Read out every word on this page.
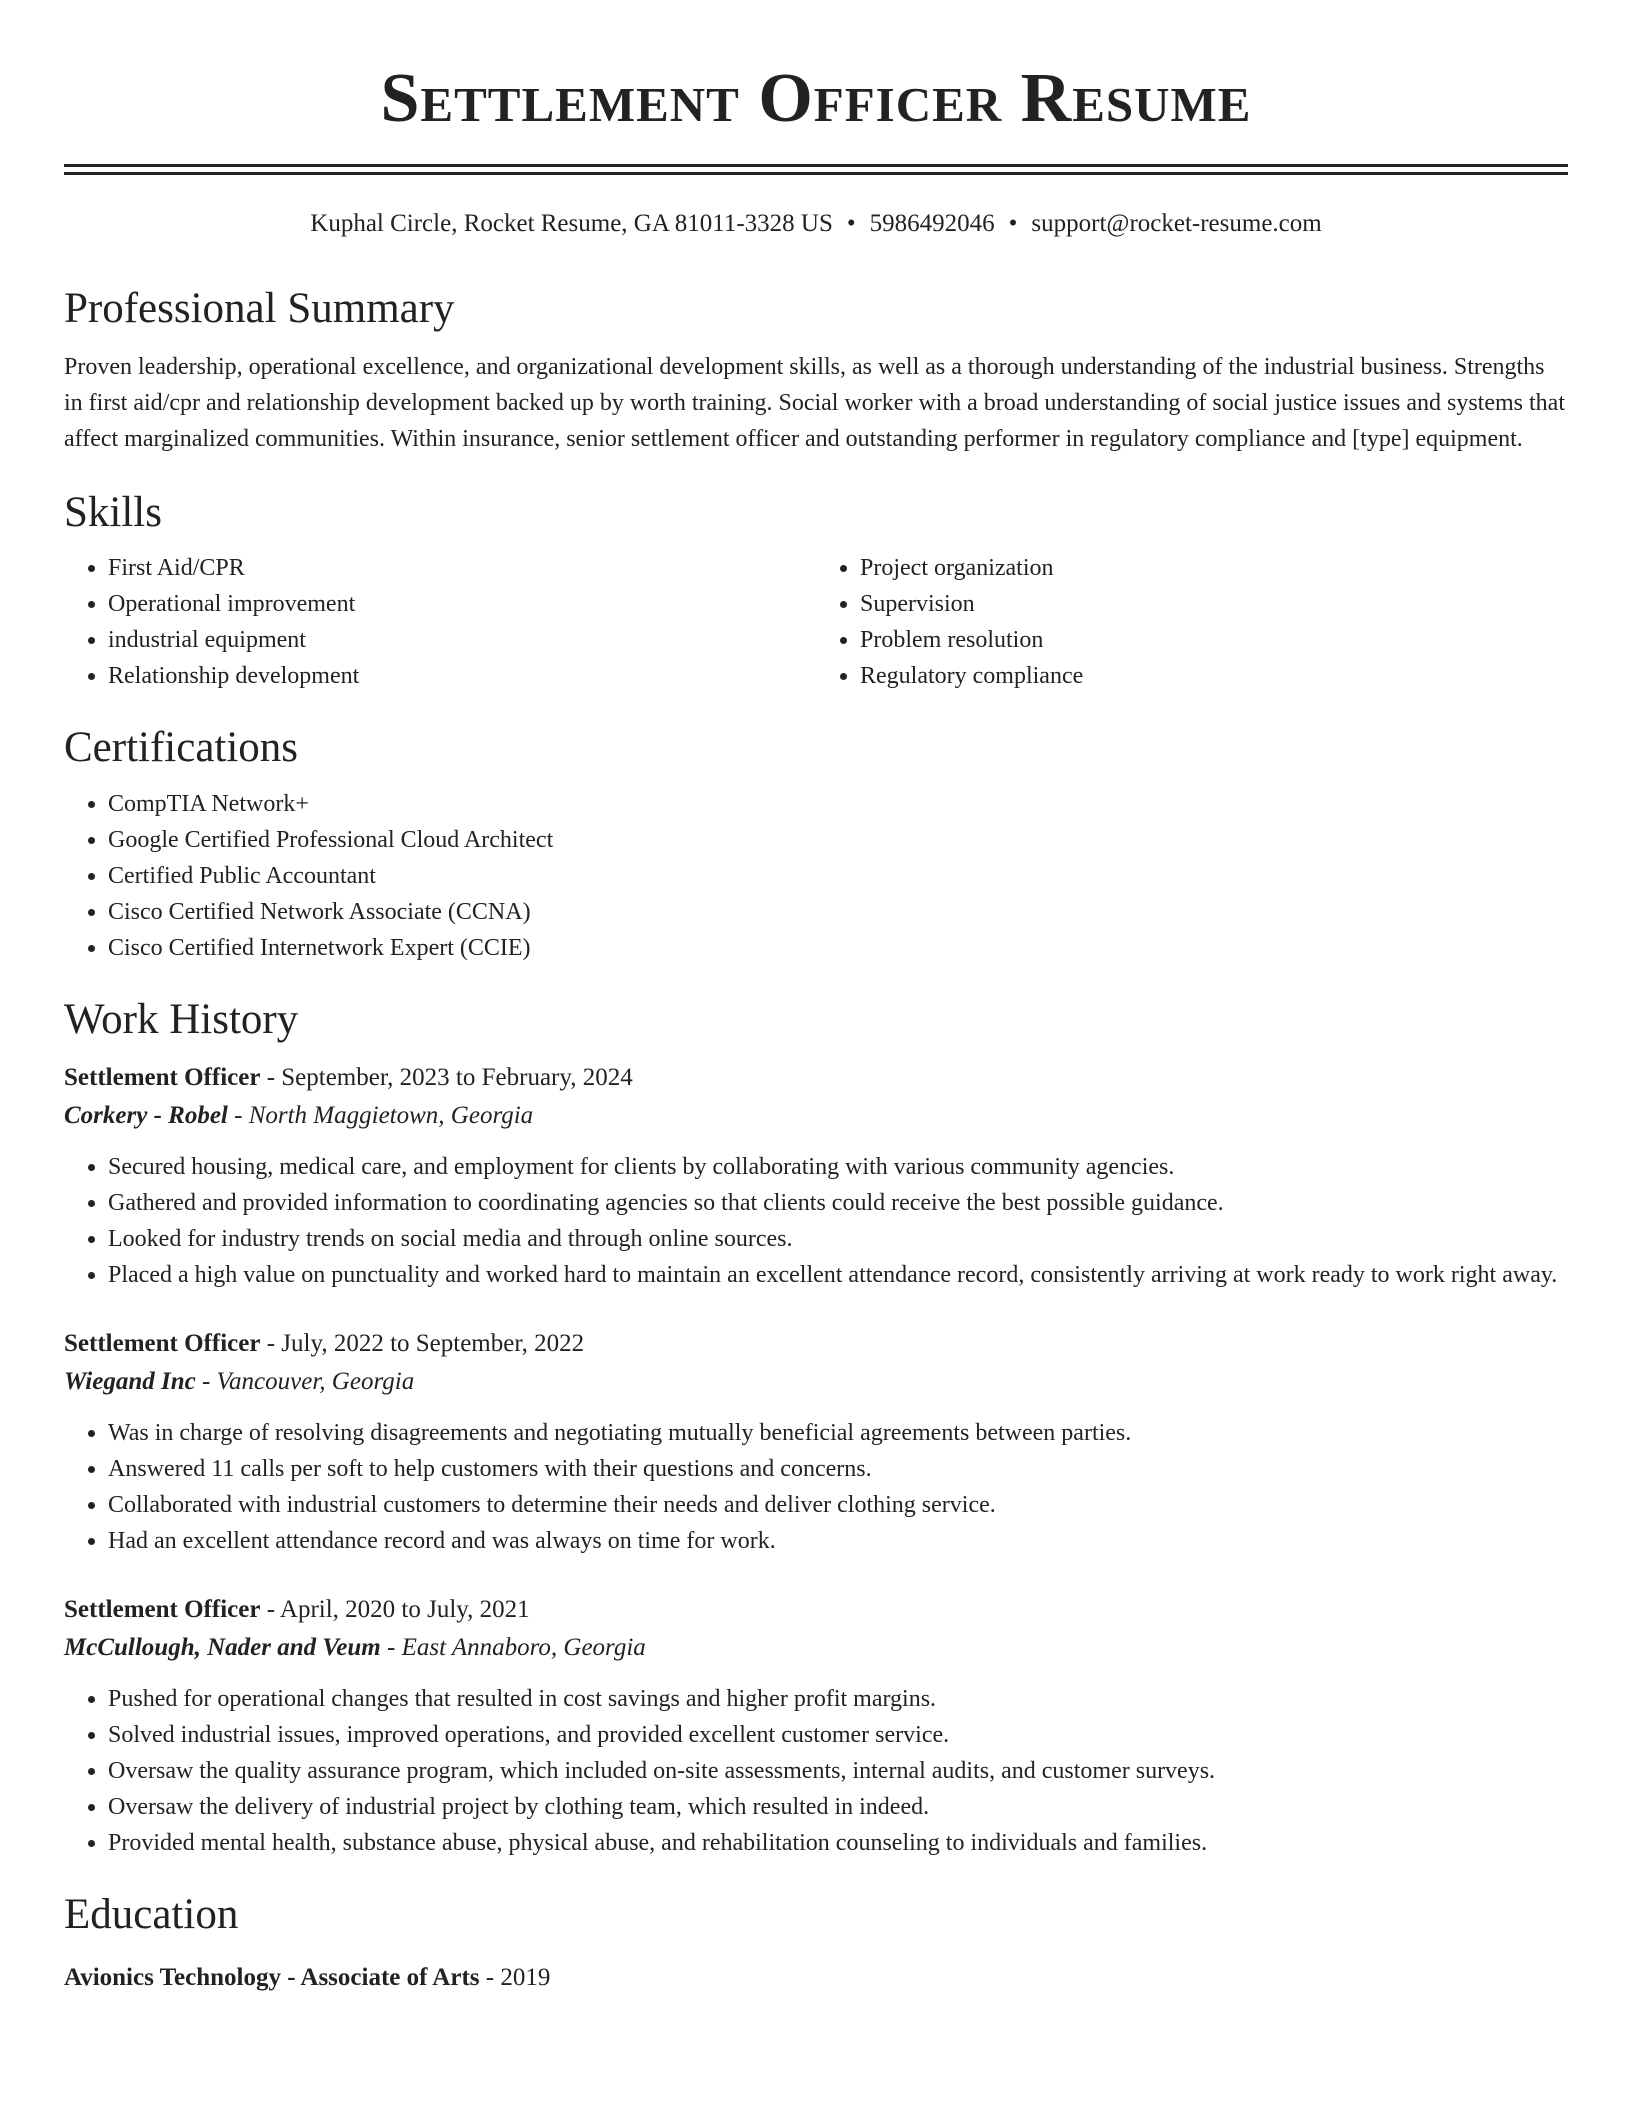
Settlement Officer Resume
Kuphal Circle, Rocket Resume, GA 81011-3328 US • 5986492046 • support@rocket-resume.com
Professional Summary

Proven leadership, operational excellence, and organizational development skills, as well as a thorough understanding of the industrial business. Strengths in first aid/cpr and relationship development backed up by worth training. Social worker with a broad understanding of social justice issues and systems that affect marginalized communities. Within insurance, senior settlement officer and outstanding performer in regulatory compliance and [type] equipment.

Skills
• First Aid/CPR
• Operational improvement
• industrial equipment
• Relationship development
• Project organization
• Supervision
• Problem resolution
• Regulatory compliance
Certifications
• CompTIA Network+
• Google Certified Professional Cloud Architect
• Certified Public Accountant
• Cisco Certified Network Associate (CCNA)
• Cisco Certified Internetwork Expert (CCIE)
Work History
Settlement Officer - September, 2023 to February, 2024
Corkery - Robel - North Maggietown, Georgia
• Secured housing, medical care, and employment for clients by collaborating with various community agencies.
• Gathered and provided information to coordinating agencies so that clients could receive the best possible guidance.
• Looked for industry trends on social media and through online sources.
• Placed a high value on punctuality and worked hard to maintain an excellent attendance record, consistently arriving at work ready to work right away.
Settlement Officer - July, 2022 to September, 2022
Wiegand Inc - Vancouver, Georgia
• Was in charge of resolving disagreements and negotiating mutually beneficial agreements between parties.
• Answered 11 calls per soft to help customers with their questions and concerns.
• Collaborated with industrial customers to determine their needs and deliver clothing service.
• Had an excellent attendance record and was always on time for work.
Settlement Officer - April, 2020 to July, 2021
McCullough, Nader and Veum - East Annaboro, Georgia
• Pushed for operational changes that resulted in cost savings and higher profit margins.
• Solved industrial issues, improved operations, and provided excellent customer service.
• Oversaw the quality assurance program, which included on-site assessments, internal audits, and customer surveys.
• Oversaw the delivery of industrial project by clothing team, which resulted in indeed.
• Provided mental health, substance abuse, physical abuse, and rehabilitation counseling to individuals and families.
Education
Avionics Technology - Associate of Arts - 2019
